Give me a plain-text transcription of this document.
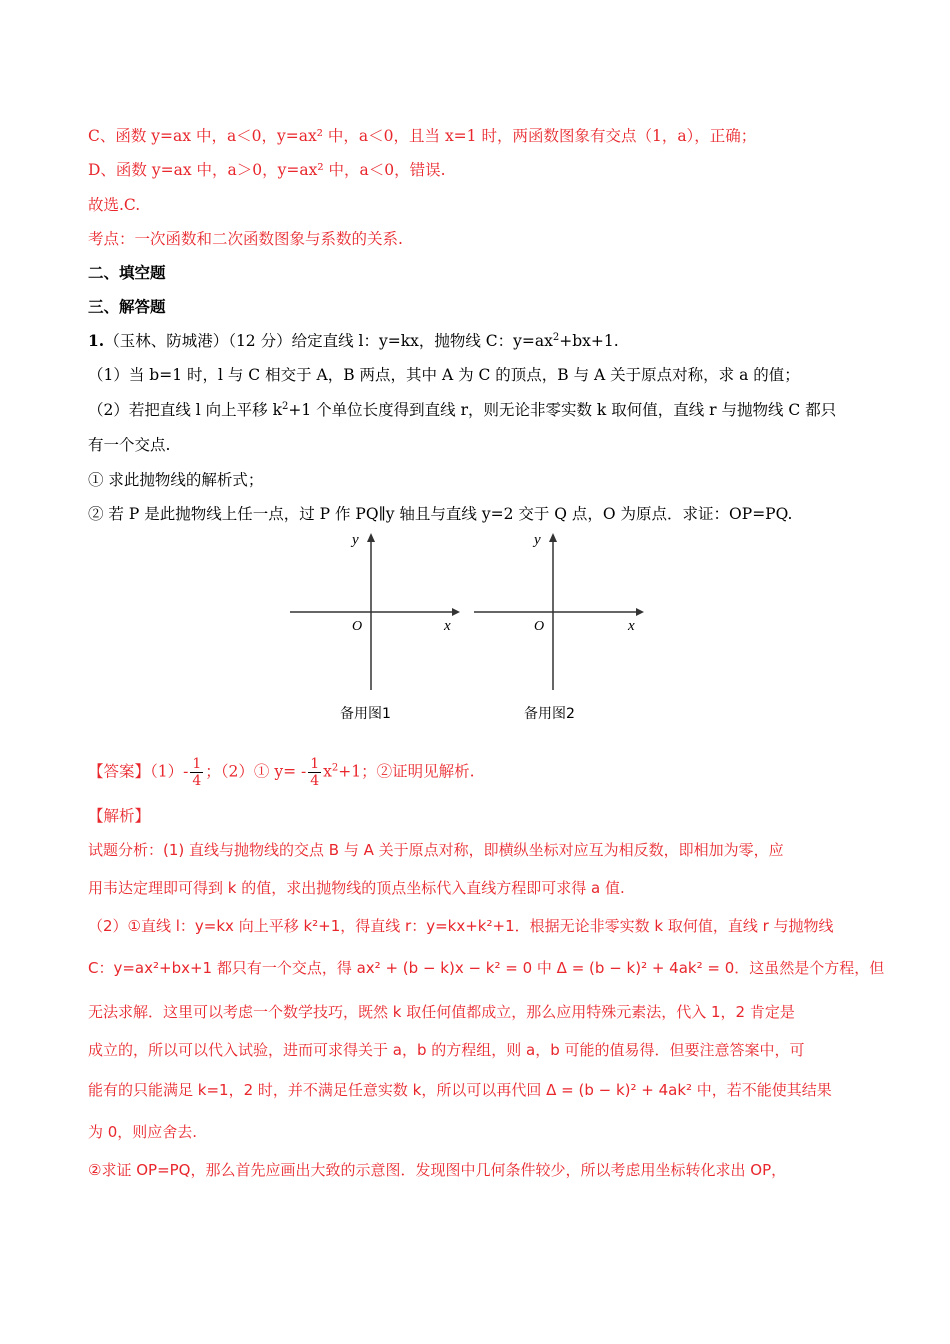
C、函数 y=ax 中，a＜0，y=ax² 中，a＜0，且当 x=1 时，两函数图象有交点（1，a），正确；
D、函数 y=ax 中，a＞0，y=ax² 中，a＜0，错误.
故选.C.
考点：一次函数和二次函数图象与系数的关系.
二、填空题
三、解答题
1.（玉林、防城港）（12 分）给定直线 l：y=kx，抛物线 C：$y=ax^2+bx+1$.
（1）当 b=1 时，l 与 C 相交于 A，B 两点，其中 A 为 C 的顶点，B 与 A 关于原点对称，求 a 的值；
（2）若把直线 l 向上平移 $k^2+1$ 个单位长度得到直线 r，则无论非零实数 k 取何值，直线 r 与抛物线 C 都只
有一个交点.
① 求此抛物线的解析式；
② 若 P 是此抛物线上任一点，过 P 作 PQ∥y 轴且与直线 y=2 交于 Q 点，O 为原点．求证：OP=PQ.
y
x
O
备用图1
y
x
O
备用图2
【答案】$(1)- \frac{1}{4}$ ；（2）① $y= - \frac{1}{4} x^2+1$；②证明见解析.
【解析】
试题分析：(1) 直线与抛物线的交点 B 与 A 关于原点对称，即横纵坐标对应互为相反数，即相加为零，应
用韦达定理即可得到 k 的值，求出抛物线的顶点坐标代入直线方程即可求得 a 值.
（2）①直线 l：y=kx 向上平移 k²+1，得直线 r：y=kx+k²+1．根据无论非零实数 k 取何值，直线 r 与抛物线
C：y=ax²+bx+1 都只有一个交点，得 ax² + (b − k)x − k² = 0 中 Δ = (b − k)² + 4ak² = 0．这虽然是个方程，但
无法求解．这里可以考虑一个数学技巧，既然 k 取任何值都成立，那么应用特殊元素法，代入 1，2 肯定是
成立的，所以可以代入试验，进而可求得关于 a，b 的方程组，则 a，b 可能的值易得．但要注意答案中，可
能有的只能满足 k=1，2 时，并不满足任意实数 k，所以可以再代回 Δ = (b − k)² + 4ak² 中，若不能使其结果
为 0，则应舍去.
②求证 OP=PQ，那么首先应画出大致的示意图．发现图中几何条件较少，所以考虑用坐标转化求出 OP，
